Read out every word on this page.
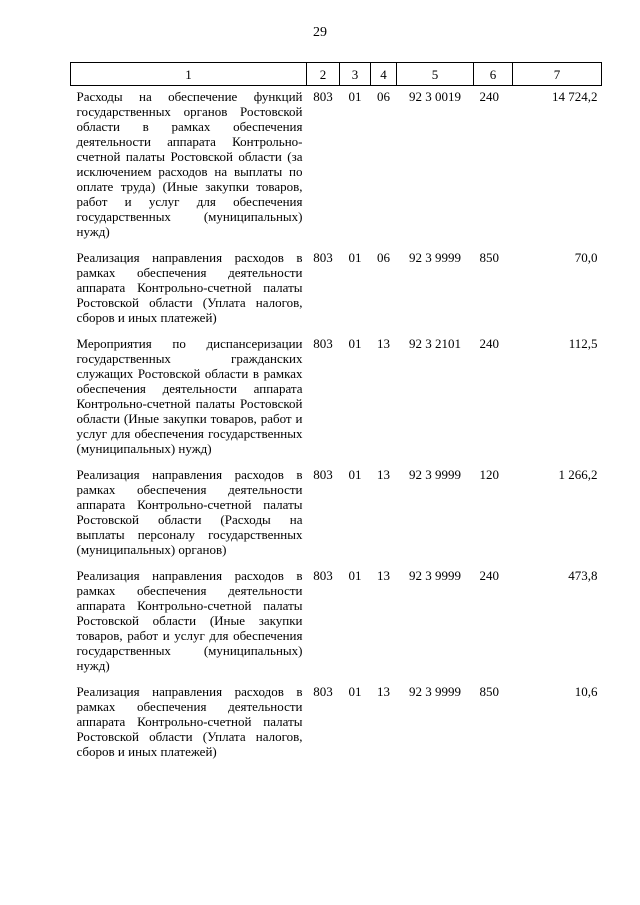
29
1	2	3	4	5	6	7
Расходы на обеспечение функций государственных органов Ростовской области в рамках обеспечения деятельности аппарата Контрольно-счетной палаты Ростовской области (за исключением расходов на выплаты по оплате труда) (Иные закупки товаров, работ и услуг для обеспечения государственных (муниципальных) нужд)	803	01	06	92 3 0019	240	14 724,2
Реализация направления расходов в рамках обеспечения деятельности аппарата Контрольно-счетной палаты Ростовской области (Уплата налогов, сборов и иных платежей)	803	01	06	92 3 9999	850	70,0
Мероприятия по диспансеризации государственных гражданских служащих Ростовской области в рамках обеспечения деятельности аппарата Контрольно-счетной палаты Ростовской области (Иные закупки товаров, работ и услуг для обеспечения государственных (муниципальных) нужд)	803	01	13	92 3 2101	240	112,5
Реализация направления расходов в рамках обеспечения деятельности аппарата Контрольно-счетной палаты Ростовской области (Расходы на выплаты персоналу государственных (муниципальных) органов)	803	01	13	92 3 9999	120	1 266,2
Реализация направления расходов в рамках обеспечения деятельности аппарата Контрольно-счетной палаты Ростовской области (Иные закупки товаров, работ и услуг для обеспечения государственных (муниципальных) нужд)	803	01	13	92 3 9999	240	473,8
Реализация направления расходов в рамках обеспечения деятельности аппарата Контрольно-счетной палаты Ростовской области (Уплата налогов, сборов и иных платежей)	803	01	13	92 3 9999	850	10,6
